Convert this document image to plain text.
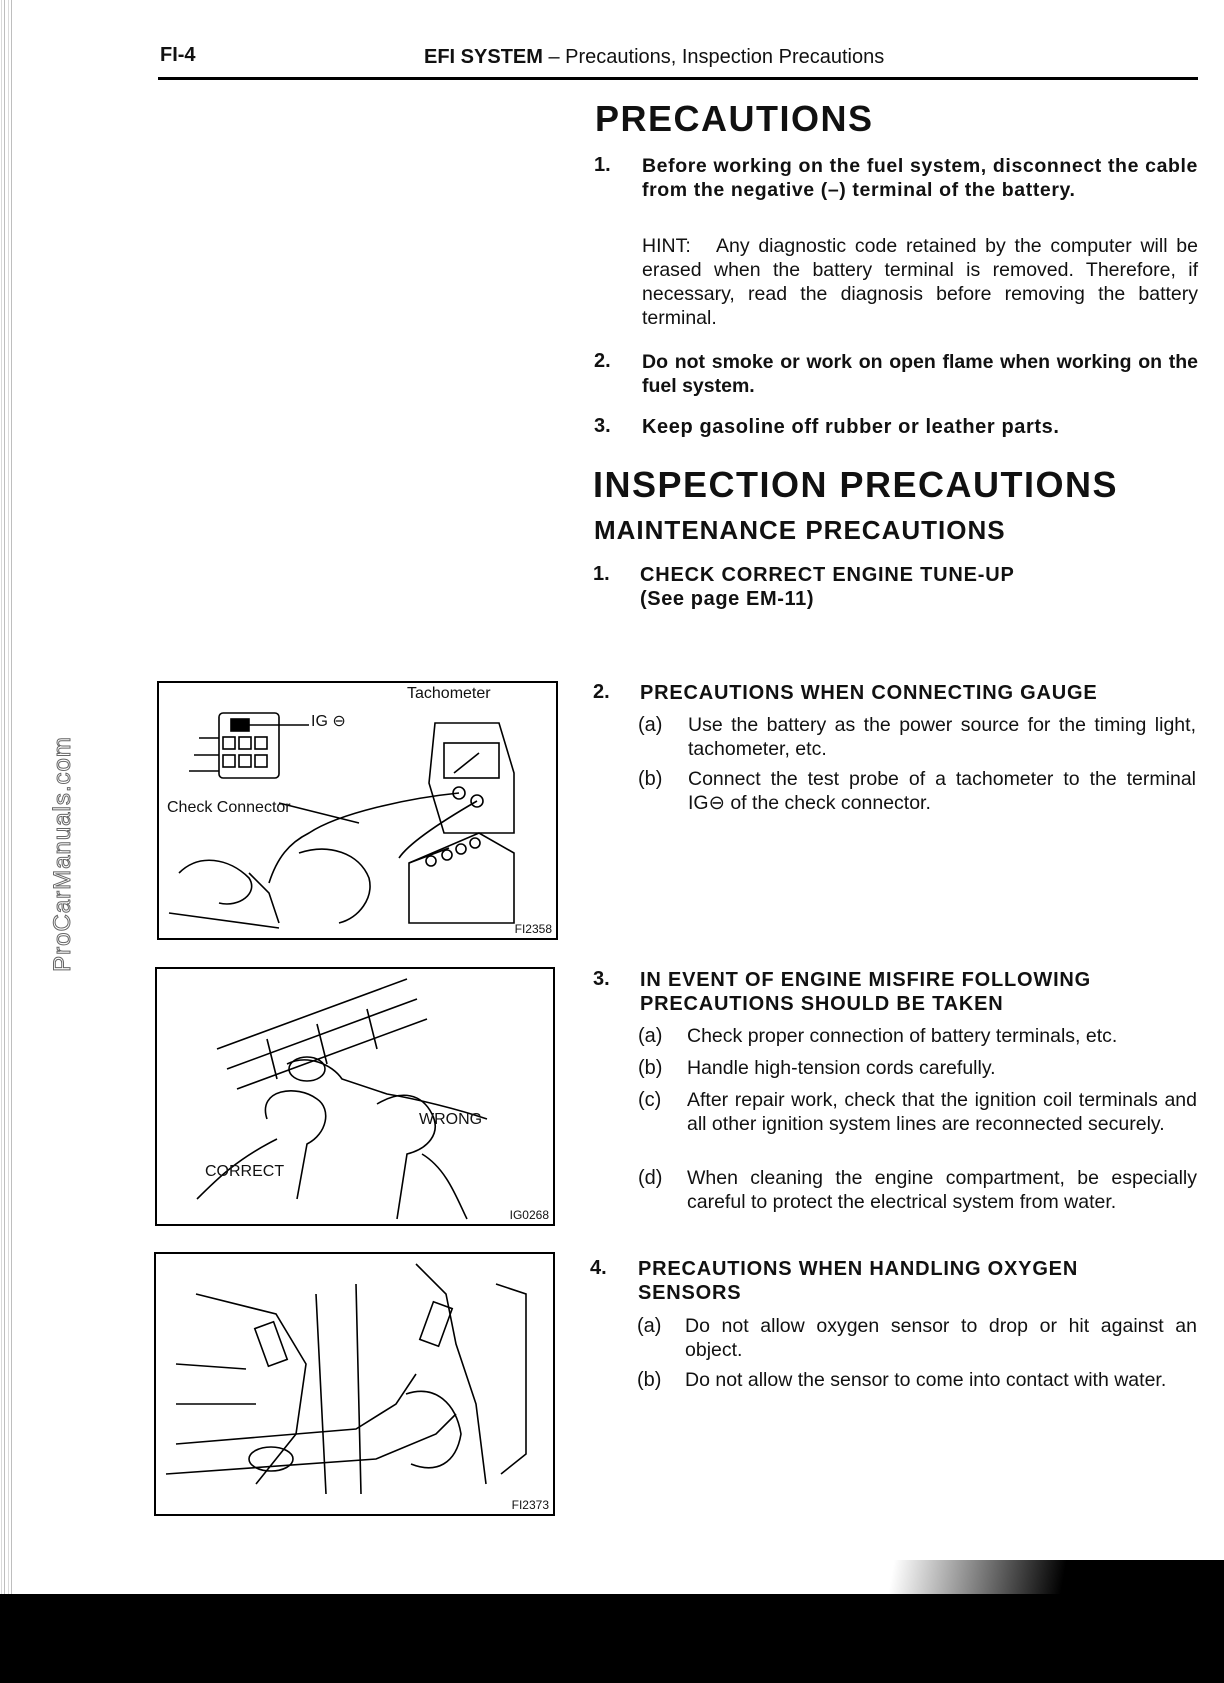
ProCarManuals.com
FI-4	EFI SYSTEM – Precautions, Inspection Precautions
PRECAUTIONS
1. Before working on the fuel system, disconnect the cable from the negative (–) terminal of the battery.
HINT: Any diagnostic code retained by the computer will be erased when the battery terminal is removed. Therefore, if necessary, read the diagnosis before removing the battery terminal.
2. Do not smoke or work on open flame when working on the fuel system.
3. Keep gasoline off rubber or leather parts.
INSPECTION PRECAUTIONS
MAINTENANCE PRECAUTIONS
1. CHECK CORRECT ENGINE TUNE-UP
(See page EM-11)
2. PRECAUTIONS WHEN CONNECTING GAUGE
(a) Use the battery as the power source for the timing light, tachometer, etc.
(b) Connect the test probe of a tachometer to the terminal IG⊖ of the check connector.
3. IN EVENT OF ENGINE MISFIRE FOLLOWING PRECAUTIONS SHOULD BE TAKEN
(a) Check proper connection of battery terminals, etc.
(b) Handle high-tension cords carefully.
(c) After repair work, check that the ignition coil terminals and all other ignition system lines are reconnected securely.
(d) When cleaning the engine compartment, be especially careful to protect the electrical system from water.
4. PRECAUTIONS WHEN HANDLING OXYGEN SENSORS
(a) Do not allow oxygen sensor to drop or hit against an object.
(b) Do not allow the sensor to come into contact with water.
Tachometer
IG ⊖
Check Connector
FI2358
WRONG
CORRECT
IG0268
FI2373
